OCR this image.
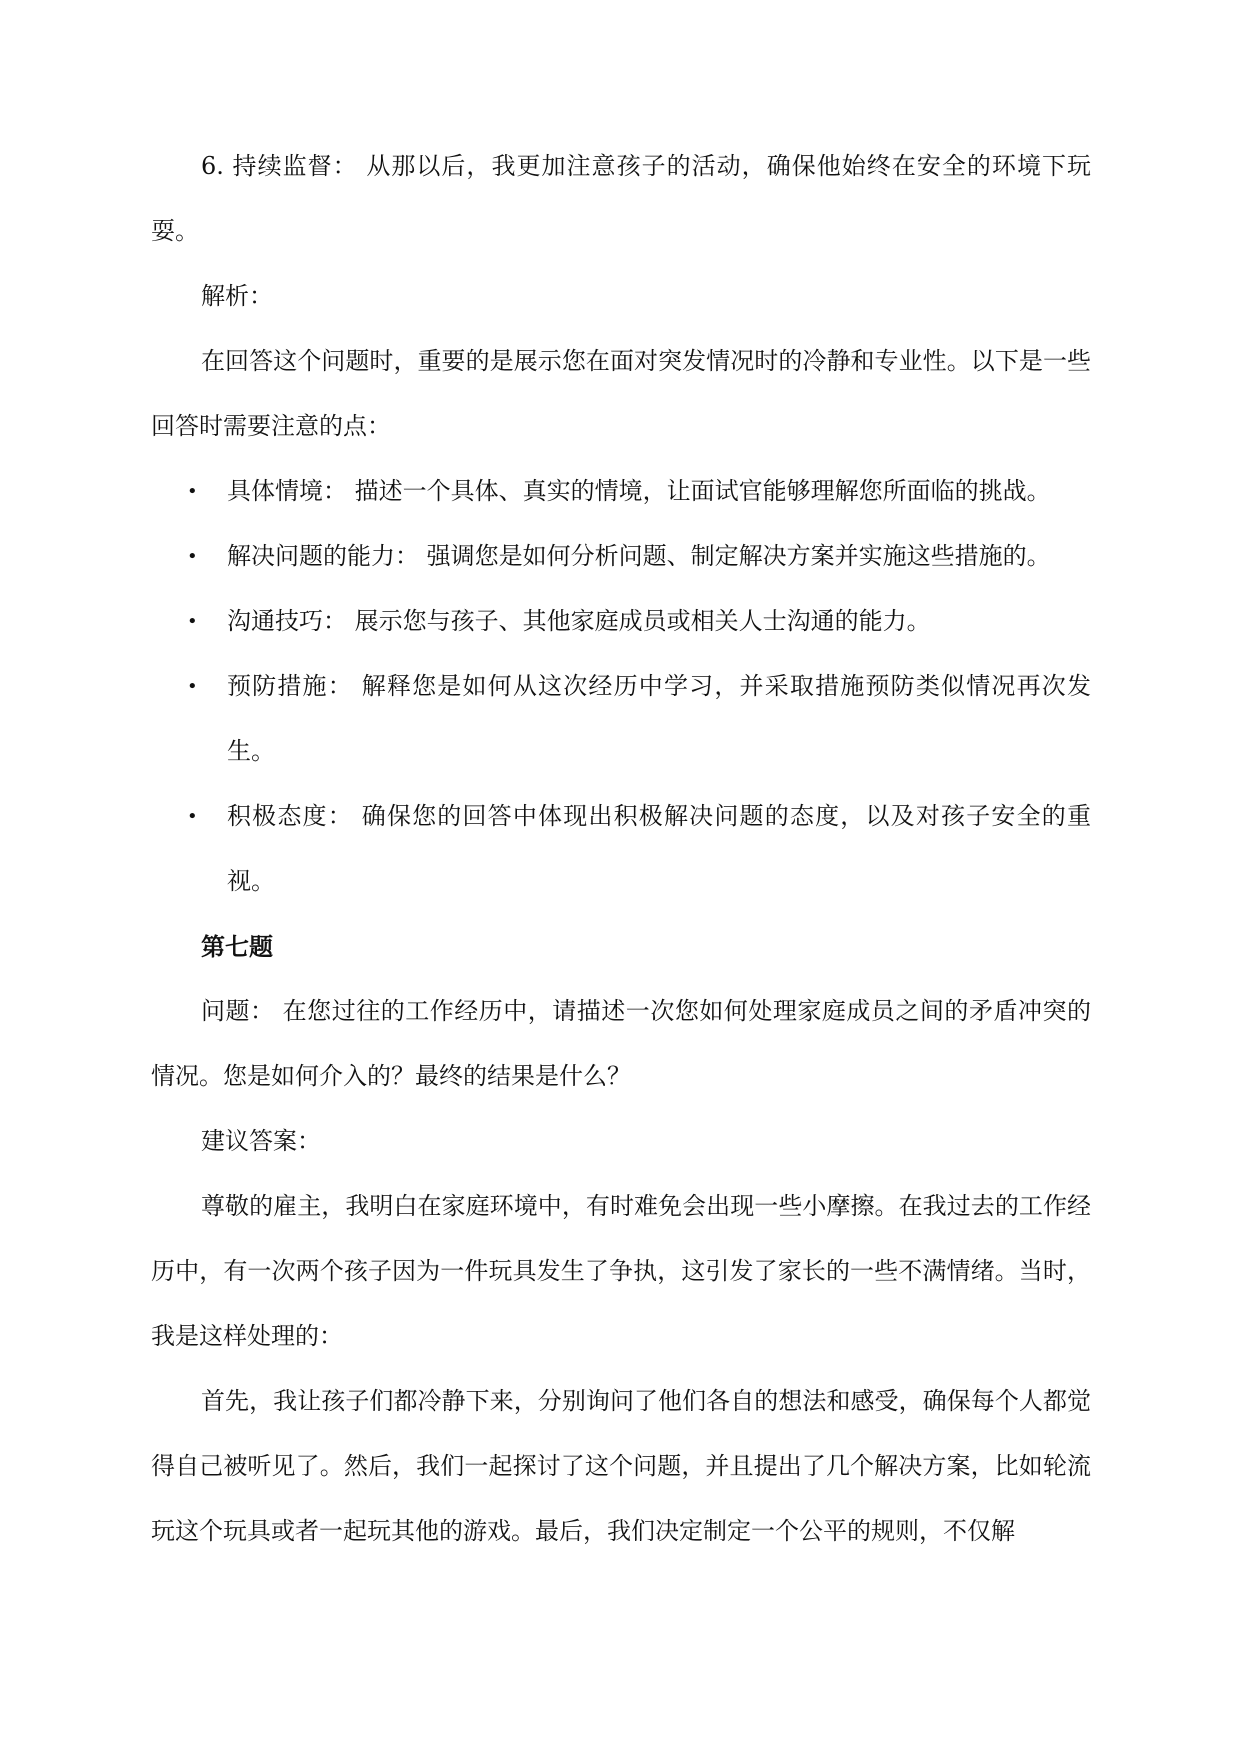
6. 持续监督： 从那以后，我更加注意孩子的活动，确保他始终在安全的环境下玩耍。

解析：

在回答这个问题时，重要的是展示您在面对突发情况时的冷静和专业性。以下是一些回答时需要注意的点：

• 具体情境： 描述一个具体、真实的情境，让面试官能够理解您所面临的挑战。
• 解决问题的能力： 强调您是如何分析问题、制定解决方案并实施这些措施的。
• 沟通技巧： 展示您与孩子、其他家庭成员或相关人士沟通的能力。
• 预防措施： 解释您是如何从这次经历中学习，并采取措施预防类似情况再次发生。
• 积极态度： 确保您的回答中体现出积极解决问题的态度，以及对孩子安全的重视。

第七题

问题： 在您过往的工作经历中，请描述一次您如何处理家庭成员之间的矛盾冲突的情况。您是如何介入的？最终的结果是什么？

建议答案：

尊敬的雇主，我明白在家庭环境中，有时难免会出现一些小摩擦。在我过去的工作经历中，有一次两个孩子因为一件玩具发生了争执，这引发了家长的一些不满情绪。当时，我是这样处理的：

首先，我让孩子们都冷静下来，分别询问了他们各自的想法和感受，确保每个人都觉得自己被听见了。然后，我们一起探讨了这个问题，并且提出了几个解决方案，比如轮流玩这个玩具或者一起玩其他的游戏。最后，我们决定制定一个公平的规则，不仅解
